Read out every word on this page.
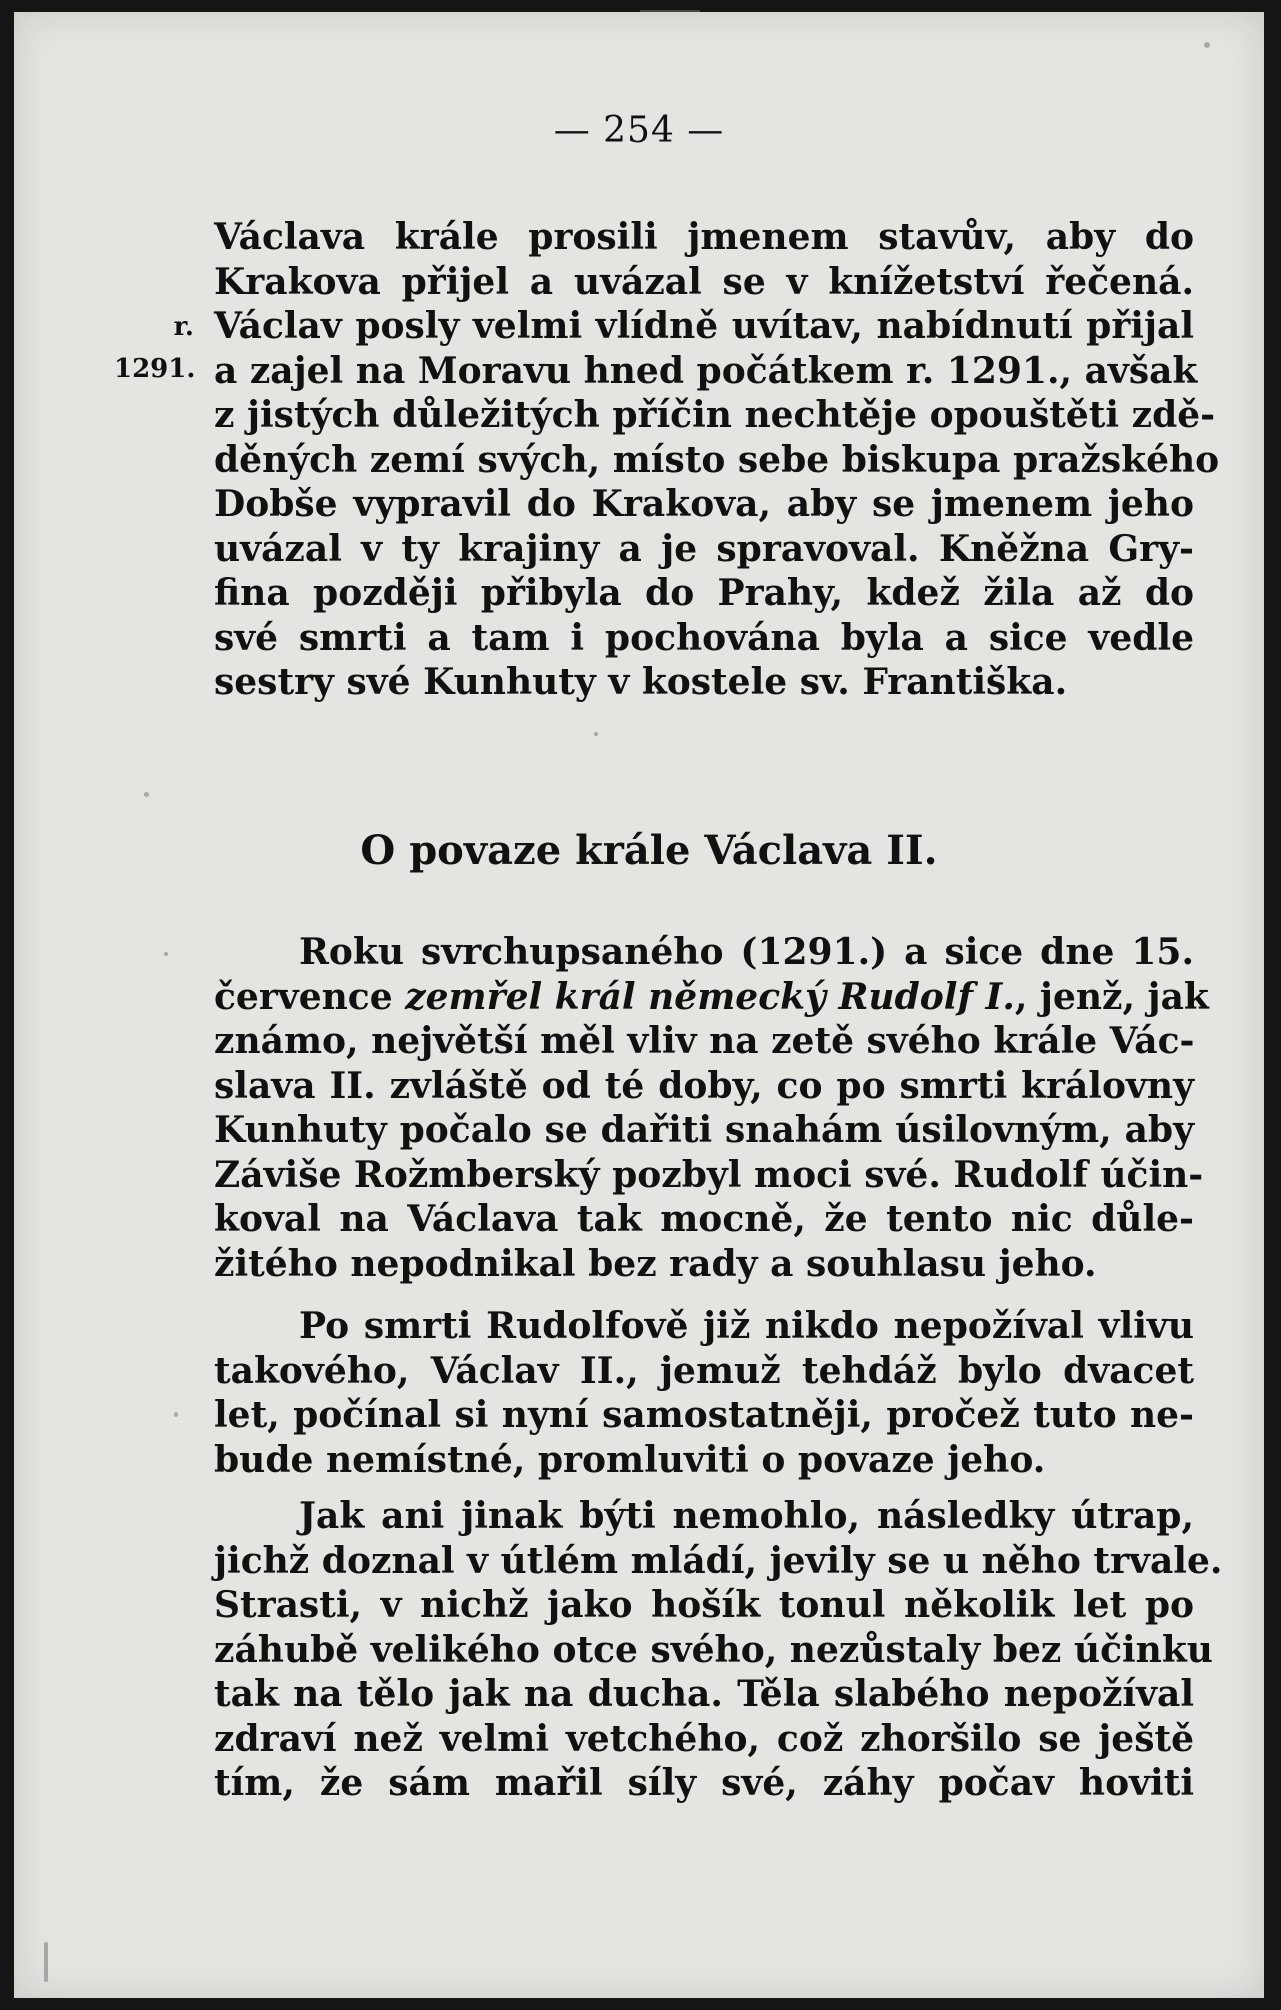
— 254 —
r.
1291.
Václava krále prosili jmenem stavův, aby do
Krakova přijel a uvázal se v knížetství řečená.
Václav posly velmi vlídně uvítav, nabídnutí přijal
a zajel na Moravu hned počátkem r. 1291., avšak
z jistých důležitých příčin nechtěje opouštěti zdě-
děných zemí svých, místo sebe biskupa pražského
Dobše vypravil do Krakova, aby se jmenem jeho
uvázal v ty krajiny a je spravoval. Kněžna Gry-
fina později přibyla do Prahy, kdež žila až do
své smrti a tam i pochována byla a sice vedle
sestry své Kunhuty v kostele sv. Františka.
O povaze krále Václava II.
Roku svrchupsaného (1291.) a sice dne 15.
července zemřel král německý Rudolf I., jenž, jak
známo, největší měl vliv na zetě svého krále Vác-
slava II. zvláště od té doby, co po smrti královny
Kunhuty počalo se dařiti snahám úsilovným, aby
Záviše Rožmberský pozbyl moci své. Rudolf účin-
koval na Václava tak mocně, že tento nic důle-
žitého nepodnikal bez rady a souhlasu jeho.
Po smrti Rudolfově již nikdo nepožíval vlivu
takového, Václav II., jemuž tehdáž bylo dvacet
let, počínal si nyní samostatněji, pročež tuto ne-
bude nemístné, promluviti o povaze jeho.
Jak ani jinak býti nemohlo, následky útrap,
jichž doznal v útlém mládí, jevily se u něho trvale.
Strasti, v nichž jako hošík tonul několik let po
záhubě velikého otce svého, nezůstaly bez účinku
tak na tělo jak na ducha. Těla slabého nepožíval
zdraví než velmi vetchého, což zhoršilo se ještě
tím, že sám mařil síly své, záhy počav hoviti
